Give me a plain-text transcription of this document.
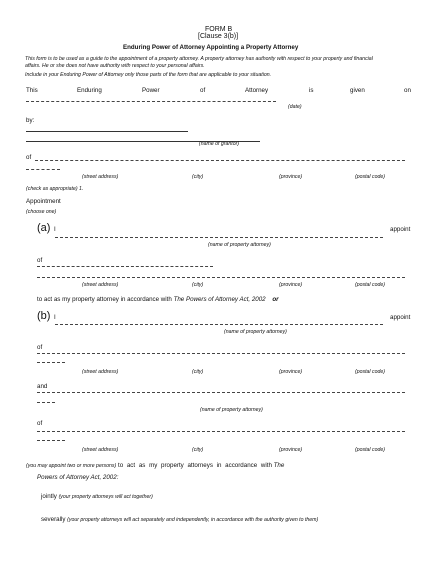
FORM B
[Clause 3(b)]
Enduring Power of Attorney Appointing a Property Attorney
This form is to be used as a guide to the appointment of a property attorney. A property attorney has authority with respect to your property and financial
affairs. He or she does not have authority with respect to your personal affairs.
Include in your Enduring Power of Attorney only those parts of the form that are applicable to your situation.
This	Enduring	Power	of	Attorney	is	given	on
(date)
by:
(name of grantor)
of
(street address)	(city)	(province)	(postal code)
(check as appropriate) 1.
Appointment
(choose one)
(a) I	appoint
(name of property attorney)
of
(street address)	(city)	(province)	(postal code)
to act as my property attorney in accordance with The Powers of Attorney Act, 2002 or
(b) I	appoint
(name of property attorney)
of
(street address)	(city)	(province)	(postal code)
and
(name of property attorney)
of
(street address)	(city)	(province)	(postal code)
(you may appoint two or more persons) to act as my property attorneys in accordance with The
Powers of Attorney Act, 2002:
jointly (your property attorneys will act together)
severally (your property attorneys will act separately and independently, in accordance with the authority given to them)
